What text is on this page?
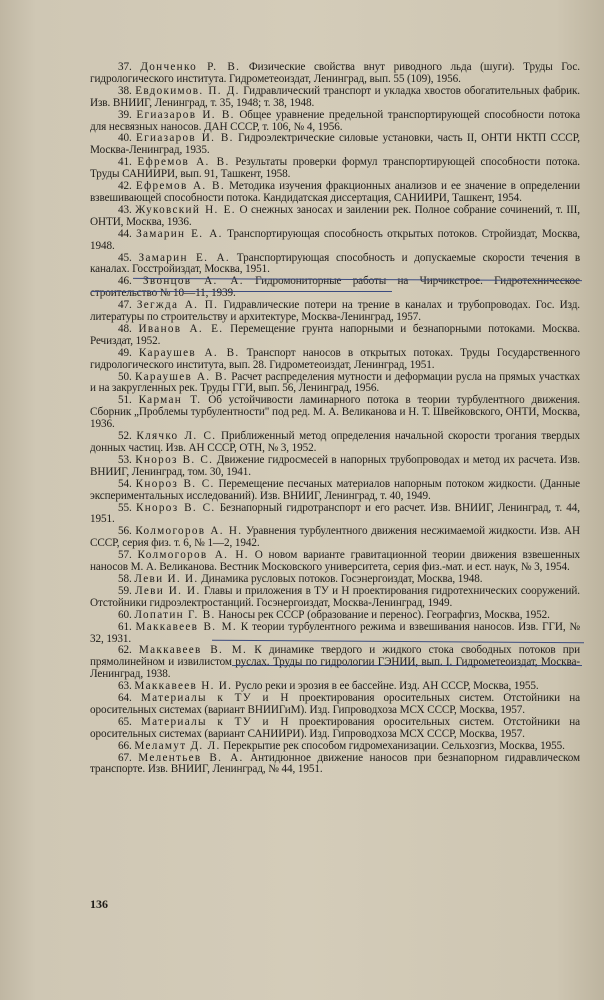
37. Донченко Р. В. Физические свойства внут риводного льда (шуги). Труды Гос. гидрологического института. Гидрометеоиздат, Ленинград, вып. 55 (109), 1956.

38. Евдокимов. П. Д. Гидравлический транспорт и укладка хвостов обогатительных фабрик. Изв. ВНИИГ, Ленинград, т. 35, 1948; т. 38, 1948.

39. Егиазаров И. В. Общее уравнение предельной транспортирующей способности потока для несвязных наносов. ДАН СССР, т. 106, № 4, 1956.

40. Егиазаров И. В. Гидроэлектрические силовые установки, часть II, ОНТИ НКТП СССР, Москва-Ленинград, 1935.

41. Ефремов А. В. Результаты проверки формул транспортирующей способности потока. Труды САНИИРИ, вып. 91, Ташкент, 1958.

42. Ефремов А. В. Методика изучения фракционных анализов и ее значение в определении взвешивающей способности потока. Кандидатская диссертация, САНИИРИ, Ташкент, 1954.

43. Жуковский Н. Е. О снежных заносах и заилении рек. Полное собрание сочинений, т. III, ОНТИ, Москва, 1936.

44. Замарин Е. А. Транспортирующая способность открытых потоков. Стройиздат, Москва, 1948.

45. Замарин Е. А. Транспортирующая способность и допускаемые скорости течения в каналах. Госстройиздат, Москва, 1951.

46. Звонцов А. А. Гидромониторные работы на Чирчикстрое. Гидротехническое строительство № 10—11, 1939.

47. Зегжда А. П. Гидравлические потери на трение в каналах и трубопроводах. Гос. Изд. литературы по строительству и архитектуре, Москва-Ленинград, 1957.

48. Иванов А. Е. Перемещение грунта напорными и безнапорными потоками. Москва. Речиздат, 1952.

49. Караушев А. В. Транспорт наносов в открытых потоках. Труды Государственного гидрологического института, вып. 28. Гидрометеоиздат, Ленинград, 1951.

50. Караушев А. В. Расчет распределения мутности и деформации русла на прямых участках и на закругленных рек. Труды ГГИ, вып. 56, Ленинград, 1956.

51. Карман Т. Об устойчивости ламинарного потока в теории турбулентного движения. Сборник „Проблемы турбулентности" под ред. М. А. Великанова и Н. Т. Швейковского, ОНТИ, Москва, 1936.

52. Клячко Л. С. Приближенный метод определения начальной скорости трогания твердых донных частиц. Изв. АН СССР, ОТН, № 3, 1952.

53. Кнороз В. С. Движение гидросмесей в напорных трубопроводах и метод их расчета. Изв. ВНИИГ, Ленинград, том. 30, 1941.

54. Кнороз В. С. Перемещение песчаных материалов напорным потоком жидкости. (Данные экспериментальных исследований). Изв. ВНИИГ, Ленинград, т. 40, 1949.

55. Кнороз В. С. Безнапорный гидротранспорт и его расчет. Изв. ВНИИГ, Ленинград, т. 44, 1951.

56. Колмогоров А. Н. Уравнения турбулентного движения несжимаемой жидкости. Изв. АН СССР, серия физ. т. 6, № 1—2, 1942.

57. Колмогоров А. Н. О новом варианте гравитационной теории движения взвешенных наносов М. А. Великанова. Вестник Московского университета, серия физ.-мат. и ест. наук, № 3, 1954.

58. Леви И. И. Динамика русловых потоков. Госэнергоиздат, Москва, 1948.

59. Леви И. И. Главы и приложения в ТУ и Н проектирования гидротехнических сооружений. Отстойники гидроэлектростанций. Госэнергоиздат, Москва-Ленинград, 1949.

60. Лопатин Г. В. Наносы рек СССР (образование и перенос). Географгиз, Москва, 1952.

61. Маккавеев В. М. К теории турбулентного режима и взвешивания наносов. Изв. ГГИ, № 32, 1931.

62. Маккавеев В. М. К динамике твердого и жидкого стока свободных потоков при прямолинейном и извилистом руслах. Труды по гидрологии ГЭНИИ, вып. I. Гидрометеоиздат, Москва-Ленинград, 1938.

63. Маккавеев Н. И. Русло реки и эрозия в ее бассейне. Изд. АН СССР, Москва, 1955.

64. Материалы к ТУ и Н проектирования оросительных систем. Отстойники на оросительных системах (вариант ВНИИГиМ). Изд. Гипроводхоза МСХ СССР, Москва, 1957.

65. Материалы к ТУ и Н проектирования оросительных систем. Отстойники на оросительных системах (вариант САНИИРИ). Изд. Гипроводхоза МСХ СССР, Москва, 1957.

66. Меламут Д. Л. Перекрытие рек способом гидромеханизации. Сельхозгиз, Москва, 1955.

67. Мелентьев В. А. Антидюнное движение наносов при безнапорном гидравлическом транспорте. Изв. ВНИИГ, Ленинград, № 44, 1951.

136
